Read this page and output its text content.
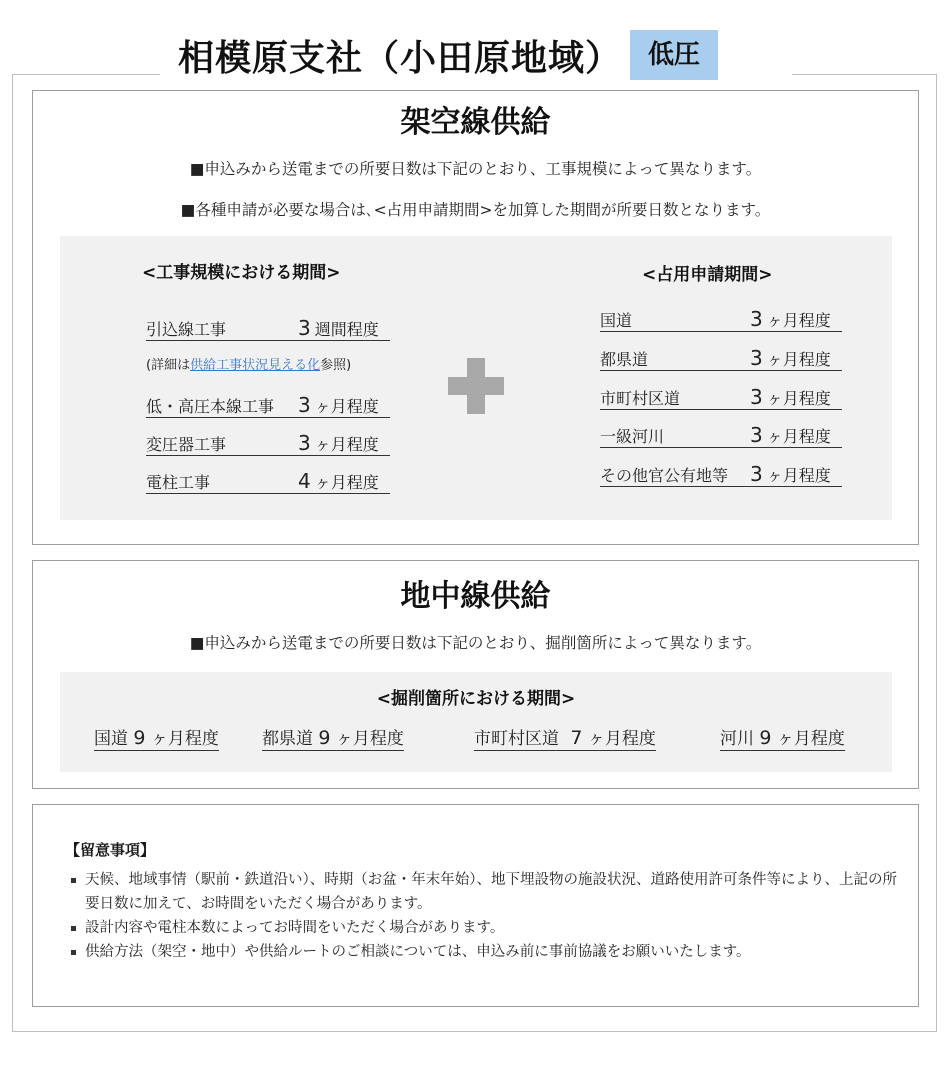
相模原支社（小田原地域）	低圧
架空線供給
■申込みから送電までの所要日数は下記のとおり、工事規模によって異なります。
■各種申請が必要な場合は､<占用申請期間>を加算した期間が所要日数となります。
<工事規模における期間>
引込線工事	3 週間程度
(詳細は供給工事状況見える化参照)
低・高圧本線工事	3 ヶ月程度
変圧器工事	3 ヶ月程度
電柱工事	4 ヶ月程度
<占用申請期間>
国道	3 ヶ月程度
都県道	3 ヶ月程度
市町村区道	3 ヶ月程度
一級河川	3 ヶ月程度
その他官公有地等	3 ヶ月程度
地中線供給
■申込みから送電までの所要日数は下記のとおり、掘削箇所によって異なります。
<掘削箇所における期間>
国道 9 ヶ月程度	都県道 9 ヶ月程度	市町村区道 7 ヶ月程度	河川 9 ヶ月程度
【留意事項】
天候、地域事情（駅前・鉄道沿い）、時期（お盆・年末年始）、地下埋設物の施設状況、道路使用許可条件等により、上記の所要日数に加えて、お時間をいただく場合があります。
設計内容や電柱本数によってお時間をいただく場合があります。
供給方法（架空・地中）や供給ルートのご相談については、申込み前に事前協議をお願いいたします。
